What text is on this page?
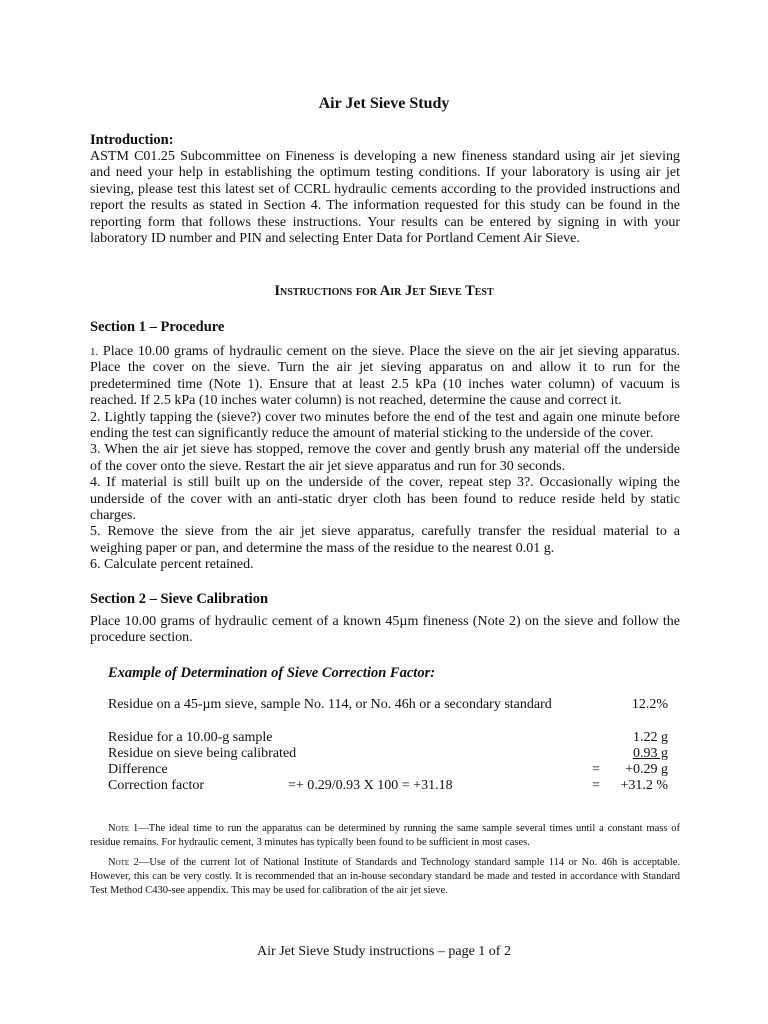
Air Jet Sieve Study
Introduction:
ASTM C01.25 Subcommittee on Fineness is developing a new fineness standard using air jet sieving and need your help in establishing the optimum testing conditions. If your laboratory is using air jet sieving, please test this latest set of CCRL hydraulic cements according to the provided instructions and report the results as stated in Section 4. The information requested for this study can be found in the reporting form that follows these instructions. Your results can be entered by signing in with your laboratory ID number and PIN and selecting Enter Data for Portland Cement Air Sieve.
Instructions for Air Jet Sieve Test
Section 1 – Procedure

1. Place 10.00 grams of hydraulic cement on the sieve. Place the sieve on the air jet sieving apparatus. Place the cover on the sieve. Turn the air jet sieving apparatus on and allow it to run for the predetermined time (Note 1). Ensure that at least 2.5 kPa (10 inches water column) of vacuum is reached. If 2.5 kPa (10 inches water column) is not reached, determine the cause and correct it.

2. Lightly tapping the (sieve?) cover two minutes before the end of the test and again one minute before ending the test can significantly reduce the amount of material sticking to the underside of the cover.

3. When the air jet sieve has stopped, remove the cover and gently brush any material off the underside of the cover onto the sieve. Restart the air jet sieve apparatus and run for 30 seconds.

4. If material is still built up on the underside of the cover, repeat step 3?. Occasionally wiping the underside of the cover with an anti-static dryer cloth has been found to reduce reside held by static charges.

5. Remove the sieve from the air jet sieve apparatus, carefully transfer the residual material to a weighing paper or pan, and determine the mass of the residue to the nearest 0.01 g.

6. Calculate percent retained.

Section 2 – Sieve Calibration
Place 10.00 grams of hydraulic cement of a known 45µm fineness (Note 2) on the sieve and follow the procedure section.
Example of Determination of Sieve Correction Factor:
Residue on a 45-µm sieve, sample No. 114, or No. 46h or a secondary standard	12.2%
Residue for a 10.00-g sample	1.22 g
Residue on sieve being calibrated	0.93 g
Difference	= +0.29 g
Correction factor	=+ 0.29/0.93 X 100 = +31.18	= +31.2 %
Note 1—The ideal time to run the apparatus can be determined by running the same sample several times until a constant mass of residue remains. For hydraulic cement, 3 minutes has typically been found to be sufficient in most cases.
Note 2—Use of the current lot of National Institute of Standards and Technology standard sample 114 or No. 46h is acceptable. However, this can be very costly. It is recommended that an in-house secondary standard be made and tested in accordance with Standard Test Method C430-see appendix. This may be used for calibration of the air jet sieve.
Air Jet Sieve Study instructions – page 1 of 2
